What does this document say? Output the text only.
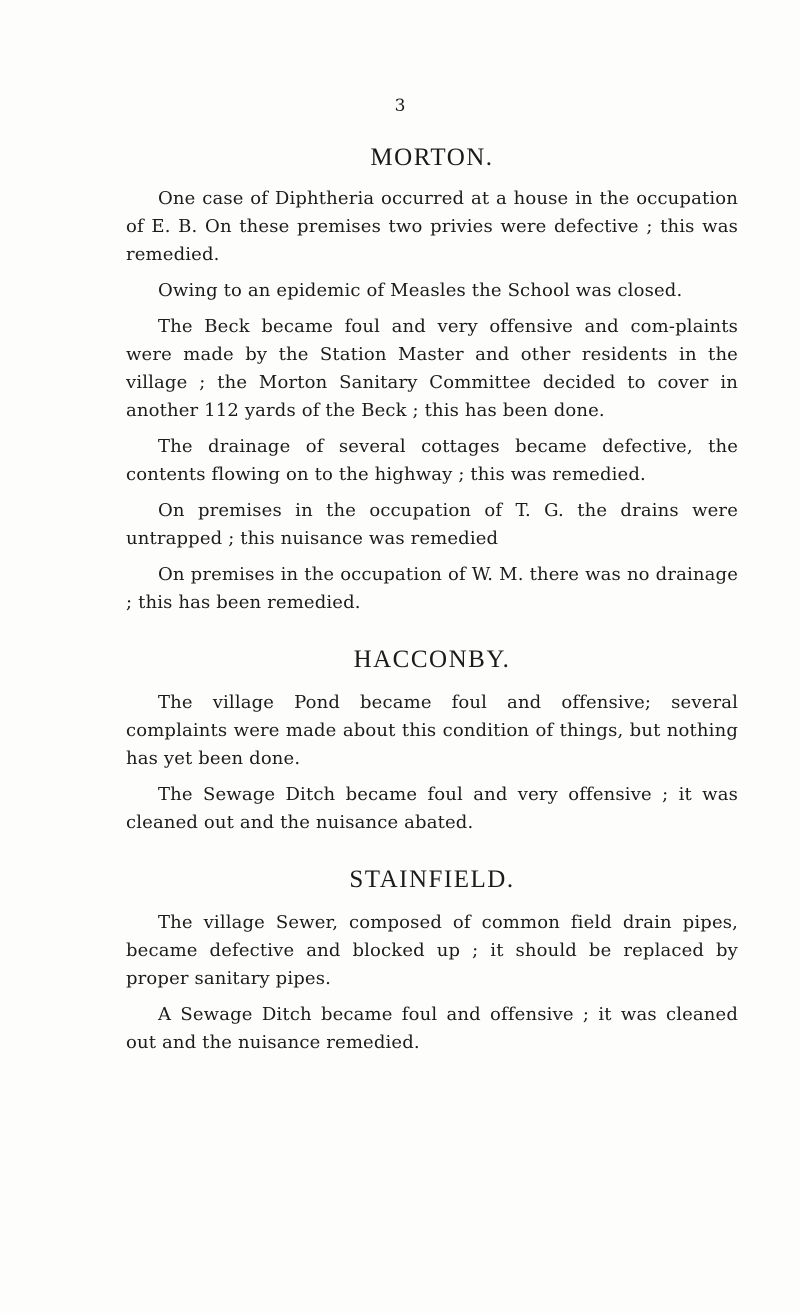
3
MORTON.

One case of Diphtheria occurred at a house in the occupation of E. B. On these premises two privies were defective ; this was remedied.

Owing to an epidemic of Measles the School was closed.

The Beck became foul and very offensive and com-plaints were made by the Station Master and other residents in the village ; the Morton Sanitary Committee decided to cover in another 112 yards of the Beck ; this has been done.

The drainage of several cottages became defective, the contents flowing on to the highway ; this was remedied.

On premises in the occupation of T. G. the drains were untrapped ; this nuisance was remedied

On premises in the occupation of W. M. there was no drainage ; this has been remedied.

HACCONBY.

The village Pond became foul and offensive; several complaints were made about this condition of things, but nothing has yet been done.

The Sewage Ditch became foul and very offensive ; it was cleaned out and the nuisance abated.

STAINFIELD.

The village Sewer, composed of common field drain pipes, became defective and blocked up ; it should be replaced by proper sanitary pipes.

A Sewage Ditch became foul and offensive ; it was cleaned out and the nuisance remedied.
